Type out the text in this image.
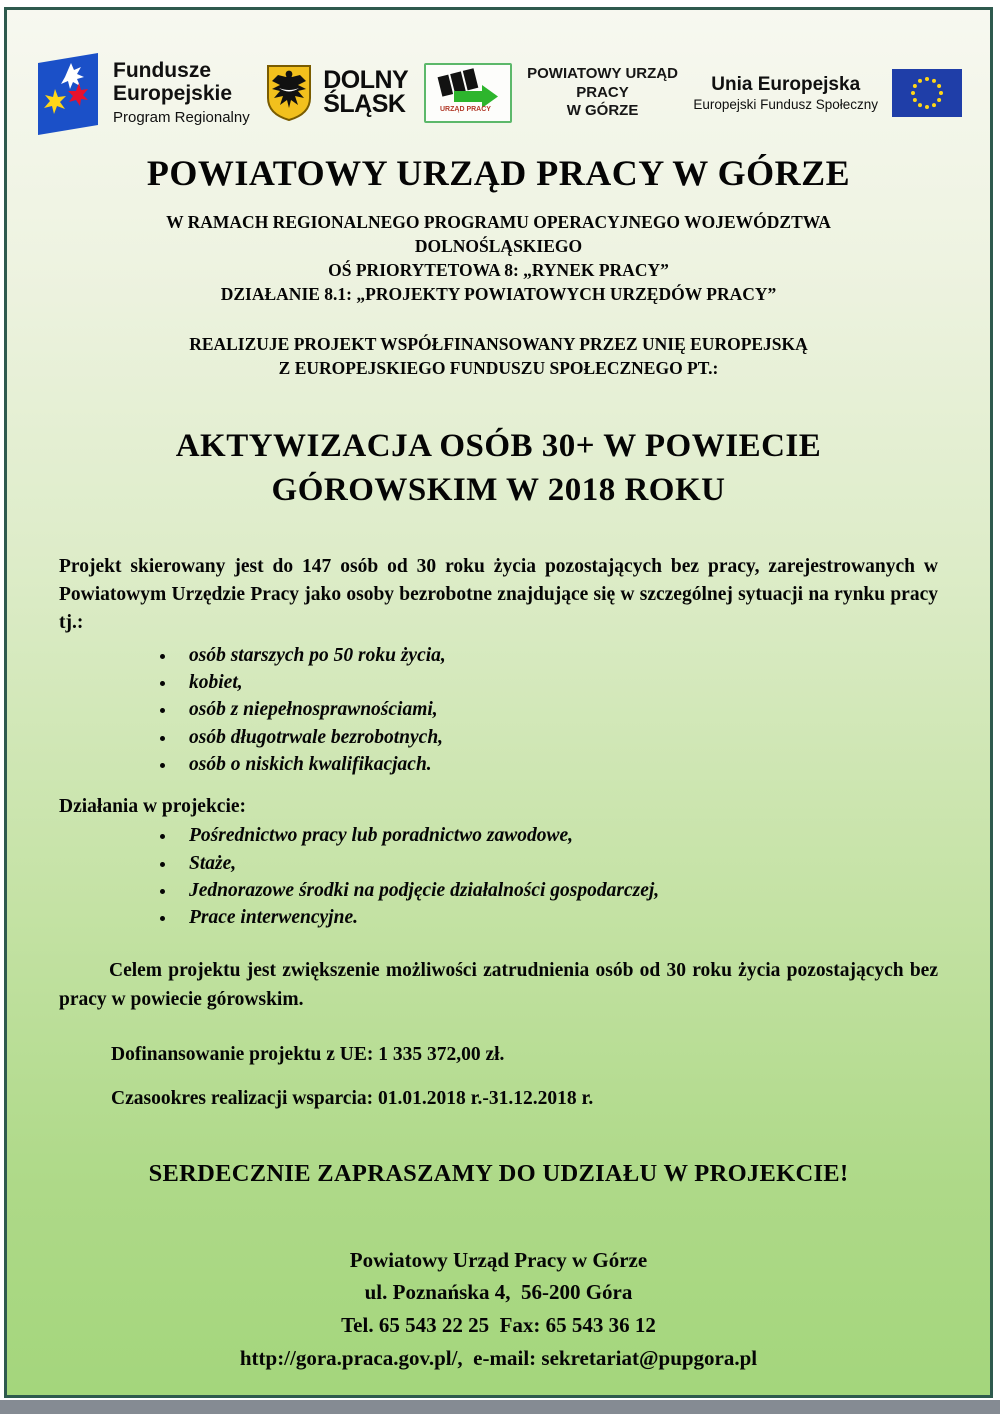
Fundusze
Europejskie
Program Regionalny
DOLNY
ŚLĄSK	URZĄD PRACY
POWIATOWY URZĄD
PRACY
W GÓRZE
Unia Europejska
Europejski Fundusz Społeczny
POWIATOWY URZĄD PRACY W GÓRZE
W RAMACH REGIONALNEGO PROGRAMU OPERACYJNEGO WOJEWÓDZTWA
DOLNOŚLĄSKIEGO
OŚ PRIORYTETOWA 8: „RYNEK PRACY”
DZIAŁANIE 8.1: „PROJEKTY POWIATOWYCH URZĘDÓW PRACY”
REALIZUJE PROJEKT WSPÓŁFINANSOWANY PRZEZ UNIĘ EUROPEJSKĄ
Z EUROPEJSKIEGO FUNDUSZU SPOŁECZNEGO PT.:
AKTYWIZACJA OSÓB 30+ W POWIECIE
GÓROWSKIM W 2018 ROKU
Projekt skierowany jest do 147 osób od 30 roku życia pozostających bez pracy, zarejestrowanych w Powiatowym Urzędzie Pracy jako osoby bezrobotne znajdujące się w szczególnej sytuacji na rynku pracy tj.:
• osób starszych po 50 roku życia,
• kobiet,
• osób z niepełnosprawnościami,
• osób długotrwale bezrobotnych,
• osób o niskich kwalifikacjach.
Działania w projekcie:
• Pośrednictwo pracy lub poradnictwo zawodowe,
• Staże,
• Jednorazowe środki na podjęcie działalności gospodarczej,
• Prace interwencyjne.
Celem projektu jest zwiększenie możliwości zatrudnienia osób od 30 roku życia pozostających bez pracy w powiecie górowskim.
Dofinansowanie projektu z UE: 1 335 372,00 zł.
Czasookres realizacji wsparcia: 01.01.2018 r.-31.12.2018 r.
SERDECZNIE ZAPRASZAMY DO UDZIAŁU W PROJEKCIE!
Powiatowy Urząd Pracy w Górze
ul. Poznańska 4,  56-200 Góra
Tel. 65 543 22 25  Fax: 65 543 36 12
http://gora.praca.gov.pl/,  e-mail: sekretariat@pupgora.pl
